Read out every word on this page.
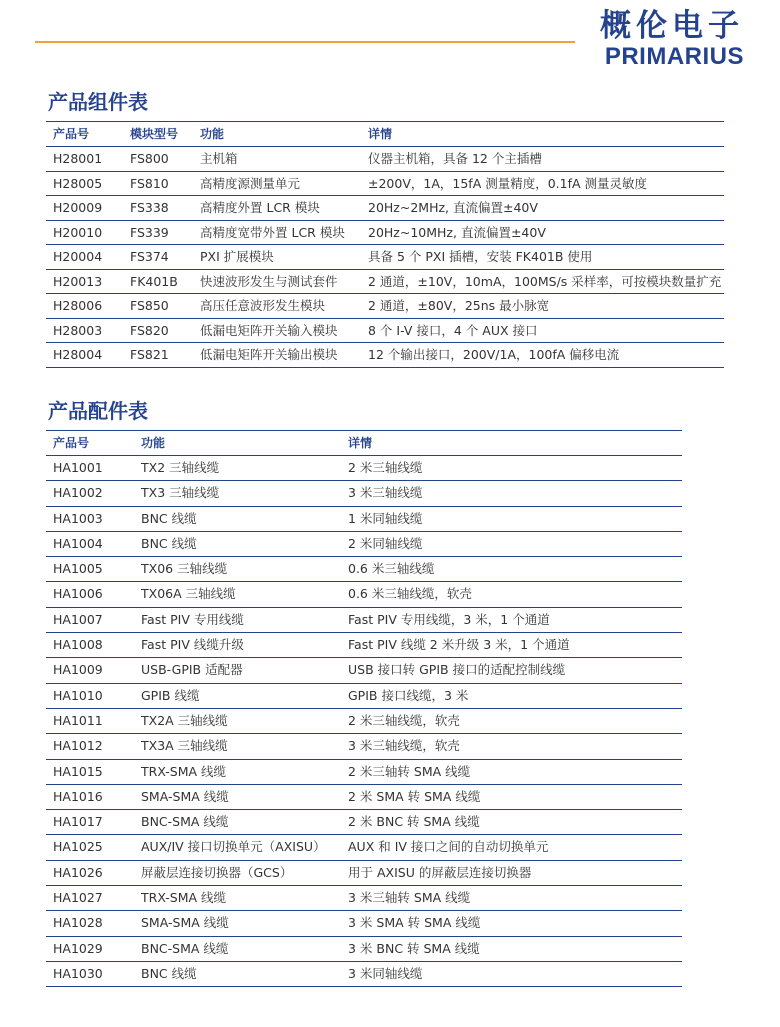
概伦电子
PRIMARIUS
产品组件表
产品号	模块型号	功能	详情
H28001	FS800	主机箱	仪器主机箱，具备 12 个主插槽
H28005	FS810	高精度源测量单元	±200V，1A，15fA 测量精度，0.1fA 测量灵敏度
H20009	FS338	高精度外置 LCR 模块	20Hz~2MHz, 直流偏置±40V
H20010	FS339	高精度宽带外置 LCR 模块	20Hz~10MHz, 直流偏置±40V
H20004	FS374	PXI 扩展模块	具备 5 个 PXI 插槽，安装 FK401B 使用
H20013	FK401B	快速波形发生与测试套件	2 通道，±10V，10mA，100MS/s 采样率，可按模块数量扩充
H28006	FS850	高压任意波形发生模块	2 通道，±80V，25ns 最小脉宽
H28003	FS820	低漏电矩阵开关输入模块	8 个 I-V 接口，4 个 AUX 接口
H28004	FS821	低漏电矩阵开关输出模块	12 个输出接口，200V/1A，100fA 偏移电流
产品配件表
产品号	功能	详情
HA1001	TX2 三轴线缆	2 米三轴线缆
HA1002	TX3 三轴线缆	3 米三轴线缆
HA1003	BNC 线缆	1 米同轴线缆
HA1004	BNC 线缆	2 米同轴线缆
HA1005	TX06 三轴线缆	0.6 米三轴线缆
HA1006	TX06A 三轴线缆	0.6 米三轴线缆，软壳
HA1007	Fast PIV 专用线缆	Fast PIV 专用线缆，3 米，1 个通道
HA1008	Fast PIV 线缆升级	Fast PIV 线缆 2 米升级 3 米，1 个通道
HA1009	USB-GPIB 适配器	USB 接口转 GPIB 接口的适配控制线缆
HA1010	GPIB 线缆	GPIB 接口线缆，3 米
HA1011	TX2A 三轴线缆	2 米三轴线缆，软壳
HA1012	TX3A 三轴线缆	3 米三轴线缆，软壳
HA1015	TRX-SMA 线缆	2 米三轴转 SMA 线缆
HA1016	SMA-SMA 线缆	2 米 SMA 转 SMA 线缆
HA1017	BNC-SMA 线缆	2 米 BNC 转 SMA 线缆
HA1025	AUX/IV 接口切换单元（AXISU）	AUX 和 IV 接口之间的自动切换单元
HA1026	屏蔽层连接切换器（GCS）	用于 AXISU 的屏蔽层连接切换器
HA1027	TRX-SMA 线缆	3 米三轴转 SMA 线缆
HA1028	SMA-SMA 线缆	3 米 SMA 转 SMA 线缆
HA1029	BNC-SMA 线缆	3 米 BNC 转 SMA 线缆
HA1030	BNC 线缆	3 米同轴线缆
